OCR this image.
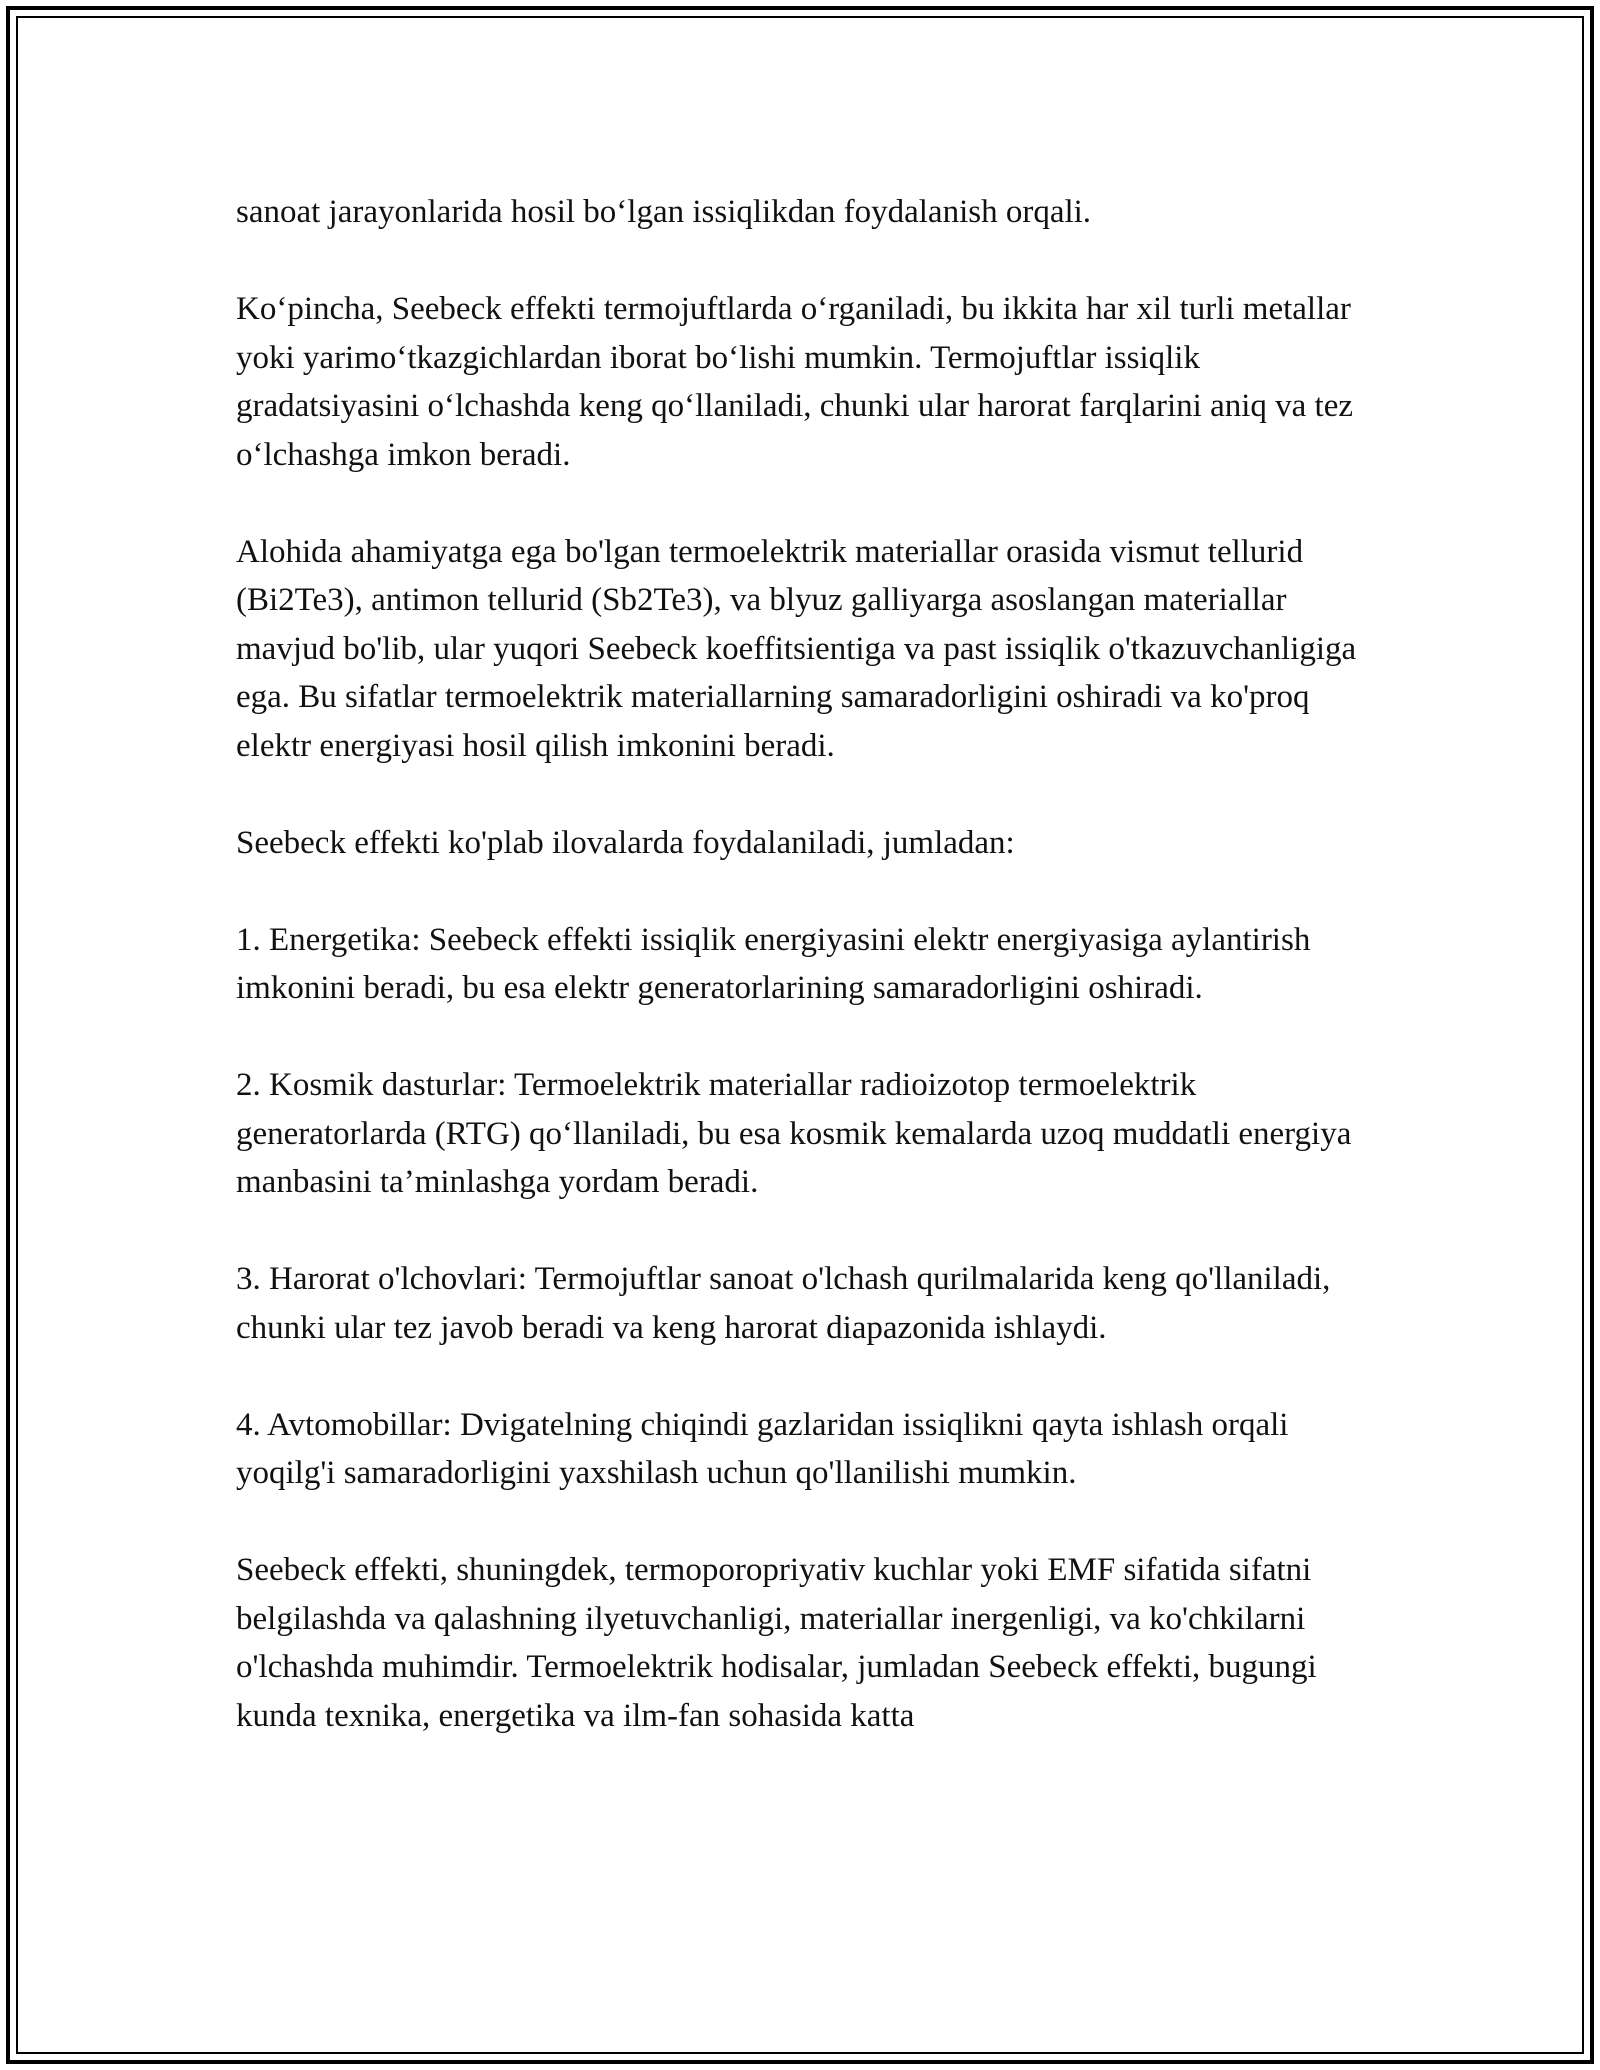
sanoat jarayonlarida hosil bo‘lgan issiqlikdan foydalanish orqali.

Ko‘pincha, Seebeck effekti termojuftlarda o‘rganiladi, bu ikkita har xil turli metallar yoki yarimo‘tkazgichlardan iborat bo‘lishi mumkin. Termojuftlar issiqlik gradatsiyasini o‘lchashda keng qo‘llaniladi, chunki ular harorat farqlarini aniq va tez o‘lchashga imkon beradi.

Alohida ahamiyatga ega bo'lgan termoelektrik materiallar orasida vismut tellurid (Bi2Te3), antimon tellurid (Sb2Te3), va blyuz galliyarga asoslangan materiallar mavjud bo'lib, ular yuqori Seebeck koeffitsientiga va past issiqlik o'tkazuvchanligiga ega. Bu sifatlar termoelektrik materiallarning samaradorligini oshiradi va ko'proq elektr energiyasi hosil qilish imkonini beradi.

Seebeck effekti ko'plab ilovalarda foydalaniladi, jumladan:

1. Energetika: Seebeck effekti issiqlik energiyasini elektr energiyasiga aylantirish imkonini beradi, bu esa elektr generatorlarining samaradorligini oshiradi.

2. Kosmik dasturlar: Termoelektrik materiallar radioizotop termoelektrik generatorlarda (RTG) qo‘llaniladi, bu esa kosmik kemalarda uzoq muddatli energiya manbasini ta’minlashga yordam beradi.

3. Harorat o'lchovlari: Termojuftlar sanoat o'lchash qurilmalarida keng qo'llaniladi, chunki ular tez javob beradi va keng harorat diapazonida ishlaydi.

4. Avtomobillar: Dvigatelning chiqindi gazlaridan issiqlikni qayta ishlash orqali yoqilg'i samaradorligini yaxshilash uchun qo'llanilishi mumkin.

Seebeck effekti, shuningdek, termoporopriyativ kuchlar yoki EMF sifatida sifatni belgilashda va qalashning ilyetuvchanligi, materiallar inergenligi, va ko'chkilarni o'lchashda muhimdir. Termoelektrik hodisalar, jumladan Seebeck effekti, bugungi kunda texnika, energetika va ilm-fan sohasida katta
